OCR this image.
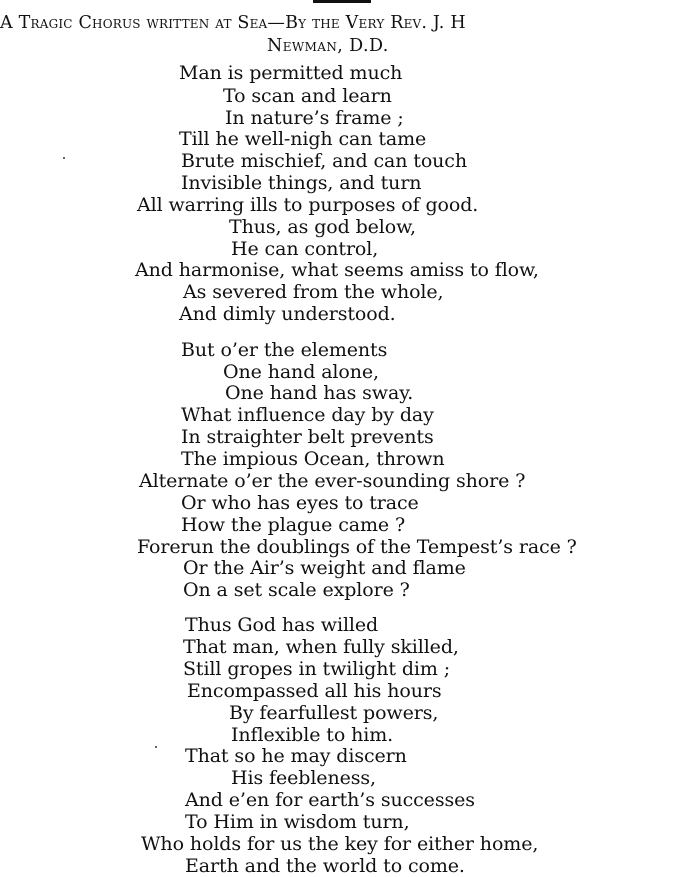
A Tragic Chorus written at Sea—By the Very Rev. J. H
Newman, D.D.
Man is permitted much
To scan and learn
In nature’s frame ;
Till he well-nigh can tame
Brute mischief, and can touch
Invisible things, and turn
All warring ills to purposes of good.
Thus, as god below,
He can control,
And harmonise, what seems amiss to flow,
As severed from the whole,
And dimly understood.
But o’er the elements
One hand alone,
One hand has sway.
What influence day by day
In straighter belt prevents
The impious Ocean, thrown
Alternate o’er the ever-sounding shore ?
Or who has eyes to trace
How the plague came ?
Forerun the doublings of the Tempest’s race ?
Or the Air’s weight and flame
On a set scale explore ?
Thus God has willed
That man, when fully skilled,
Still gropes in twilight dim ;
Encompassed all his hours
By fearfullest powers,
Inflexible to him.
That so he may discern
His feebleness,
And e’en for earth’s successes
To Him in wisdom turn,
Who holds for us the key for either home,
Earth and the world to come.
